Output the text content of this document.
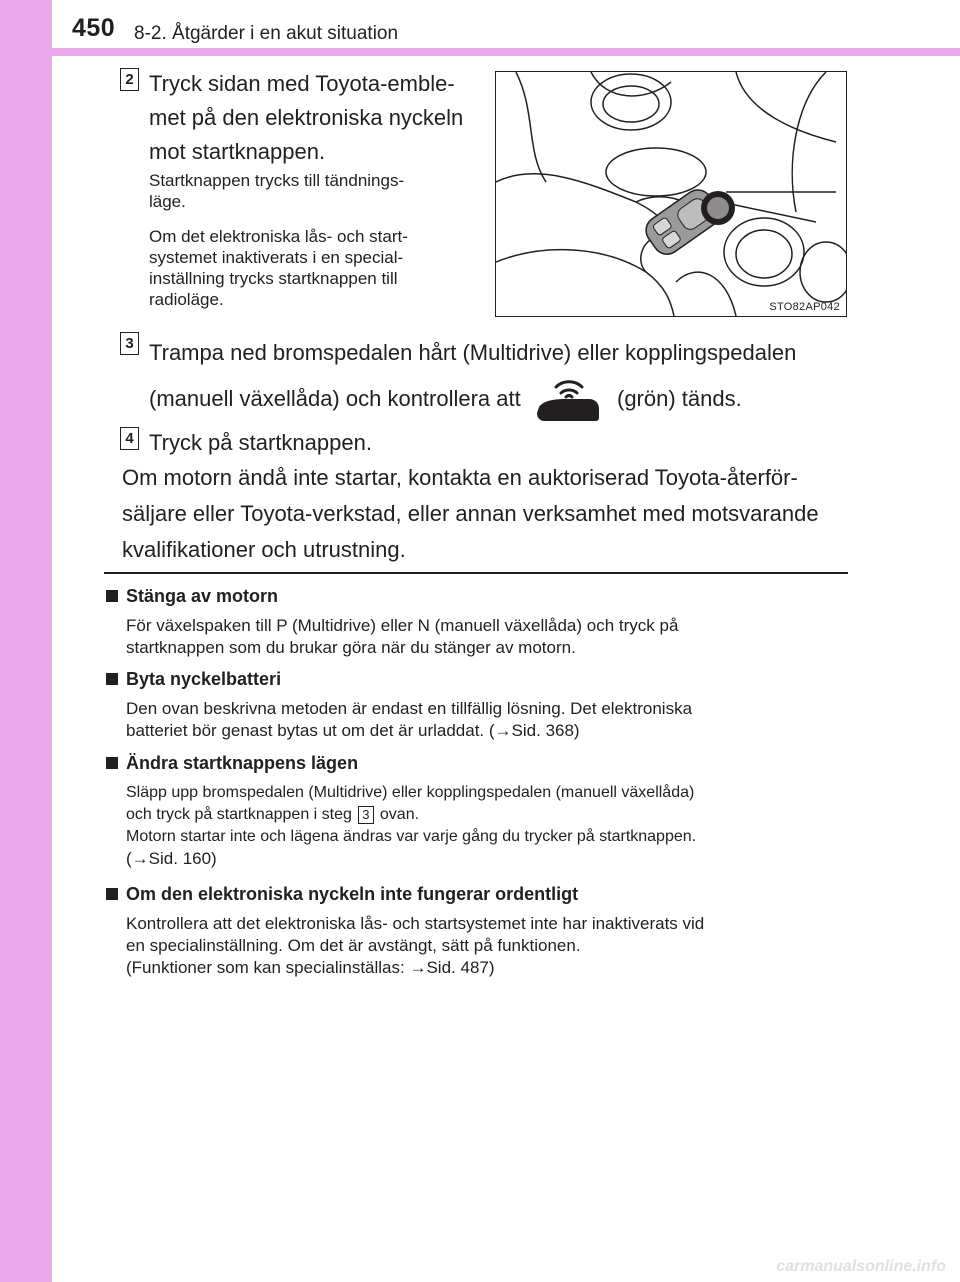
450 8-2. Åtgärder i en akut situation
2 Tryck sidan med Toyota-emble-
met på den elektroniska nyckeln
mot startknappen.
Startknappen trycks till tändnings-
läge.
Om det elektroniska lås- och start-
systemet inaktiverats i en special-
inställning trycks startknappen till
radioläge.	STO82AP042
3 Trampa ned bromspedalen hårt (Multidrive) eller kopplingspedalen
(manuell växellåda) och kontrollera att	(grön) tänds.
4 Tryck på startknappen.
Om motorn ändå inte startar, kontakta en auktoriserad Toyota-återför-
säljare eller Toyota-verkstad, eller annan verksamhet med motsvarande
kvalifikationer och utrustning.
Stänga av motorn
För växelspaken till P (Multidrive) eller N (manuell växellåda) och tryck på
startknappen som du brukar göra när du stänger av motorn.
Byta nyckelbatteri
Den ovan beskrivna metoden är endast en tillfällig lösning. Det elektroniska
batteriet bör genast bytas ut om det är urladdat. (→Sid. 368)
Ändra startknappens lägen
Släpp upp bromspedalen (Multidrive) eller kopplingspedalen (manuell växellåda)
och tryck på startknappen i steg 3 ovan.
Motorn startar inte och lägena ändras var varje gång du trycker på startknappen.
(→Sid. 160)
Om den elektroniska nyckeln inte fungerar ordentligt
Kontrollera att det elektroniska lås- och startsystemet inte har inaktiverats vid
en specialinställning. Om det är avstängt, sätt på funktionen.
(Funktioner som kan specialinställas: →Sid. 487)
carmanualsonline.info
